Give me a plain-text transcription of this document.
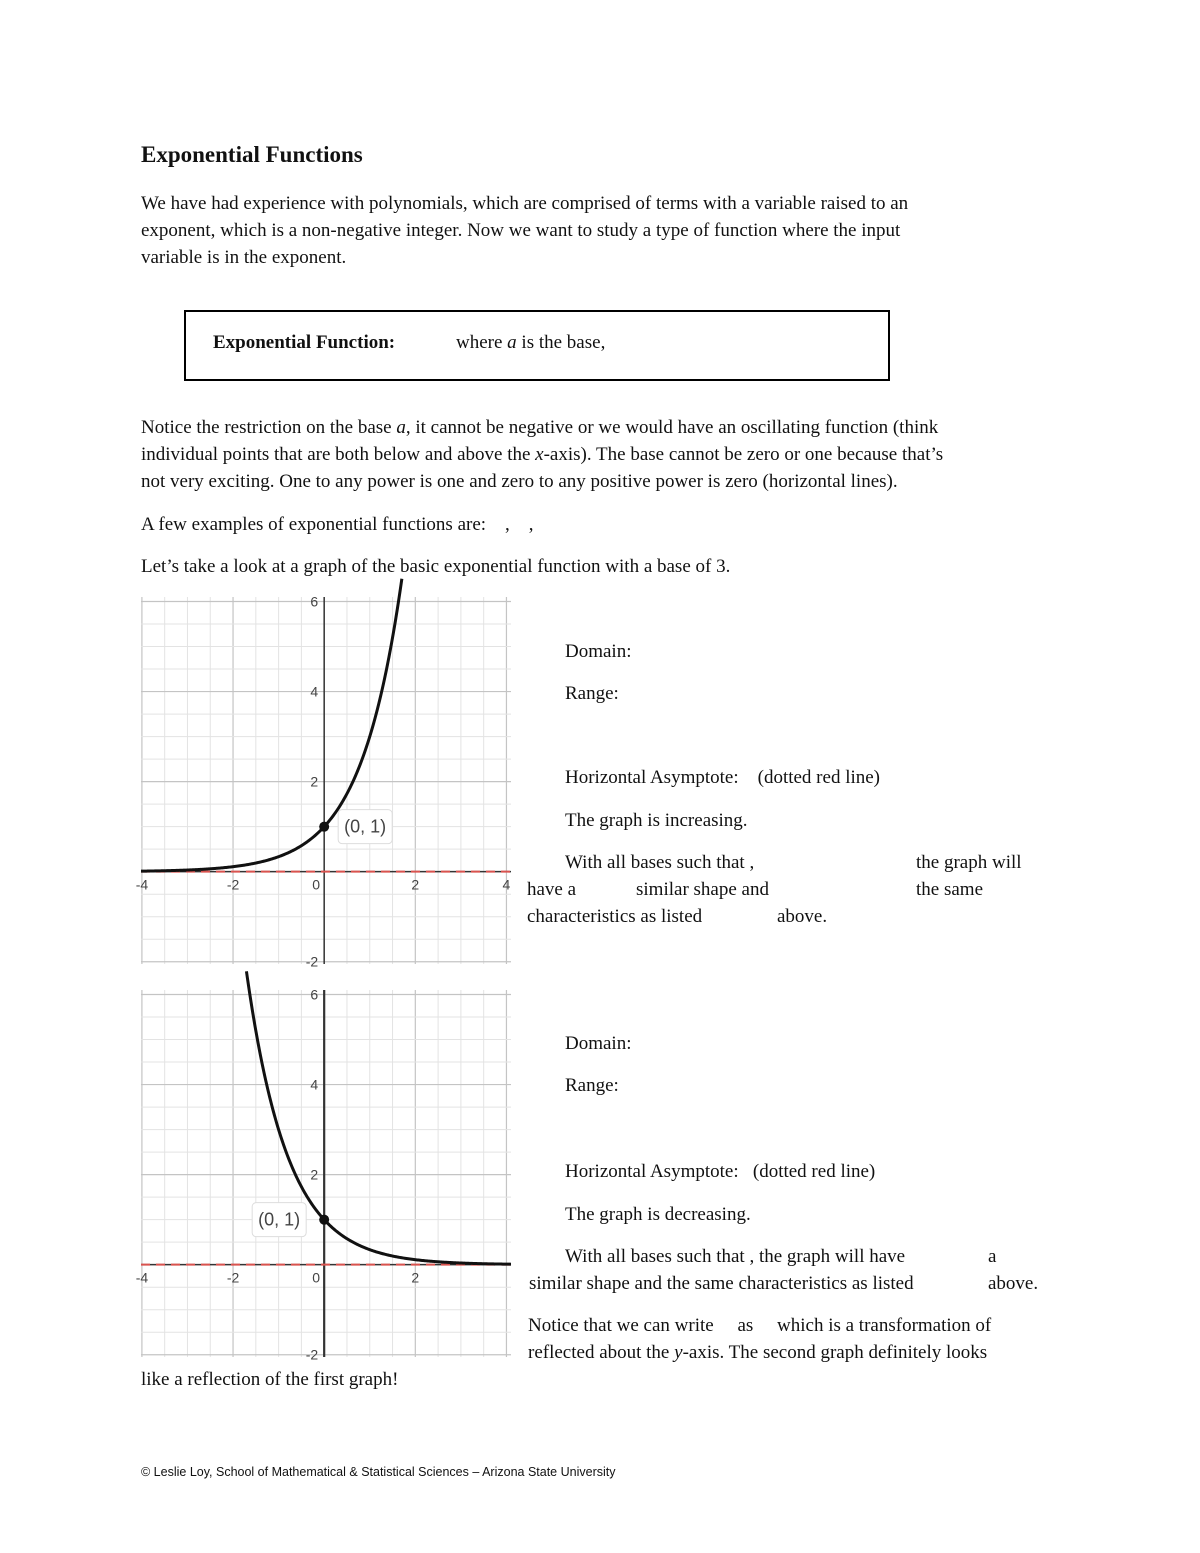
Exponential Functions
We have had experience with polynomials, which are comprised of terms with a variable raised to an
exponent, which is a non-negative integer. Now we want to study a type of function where the input
variable is in the exponent.
Exponential Function:	where a is the base,
Notice the restriction on the base a, it cannot be negative or we would have an oscillating function (think
individual points that are both below and above the x-axis). The base cannot be zero or one because that’s
not very exciting. One to any power is one and zero to any positive power is zero (horizontal lines).
A few examples of exponential functions are:    ,    ,
Let’s take a look at a graph of the basic exponential function with a base of 3.
-4	-2	0	2	4
6
4
2
-2
(0, 1)
-4	-2	0	2
6
4
2
-2
(0, 1)
Domain:
Range:
Horizontal Asymptote:    (dotted red line)
The graph is increasing.
With all bases such that ,	the graph will
have a	similar shape and	the same
characteristics as listed	above.
Domain:
Range:
Horizontal Asymptote:   (dotted red line)
The graph is decreasing.
With all bases such that , the graph will have	a
similar shape and the same characteristics as listed	above.
Notice that we can write     as     which is a transformation of
reflected about the y-axis. The second graph definitely looks
like a reflection of the first graph!
© Leslie Loy, School of Mathematical & Statistical Sciences – Arizona State University
